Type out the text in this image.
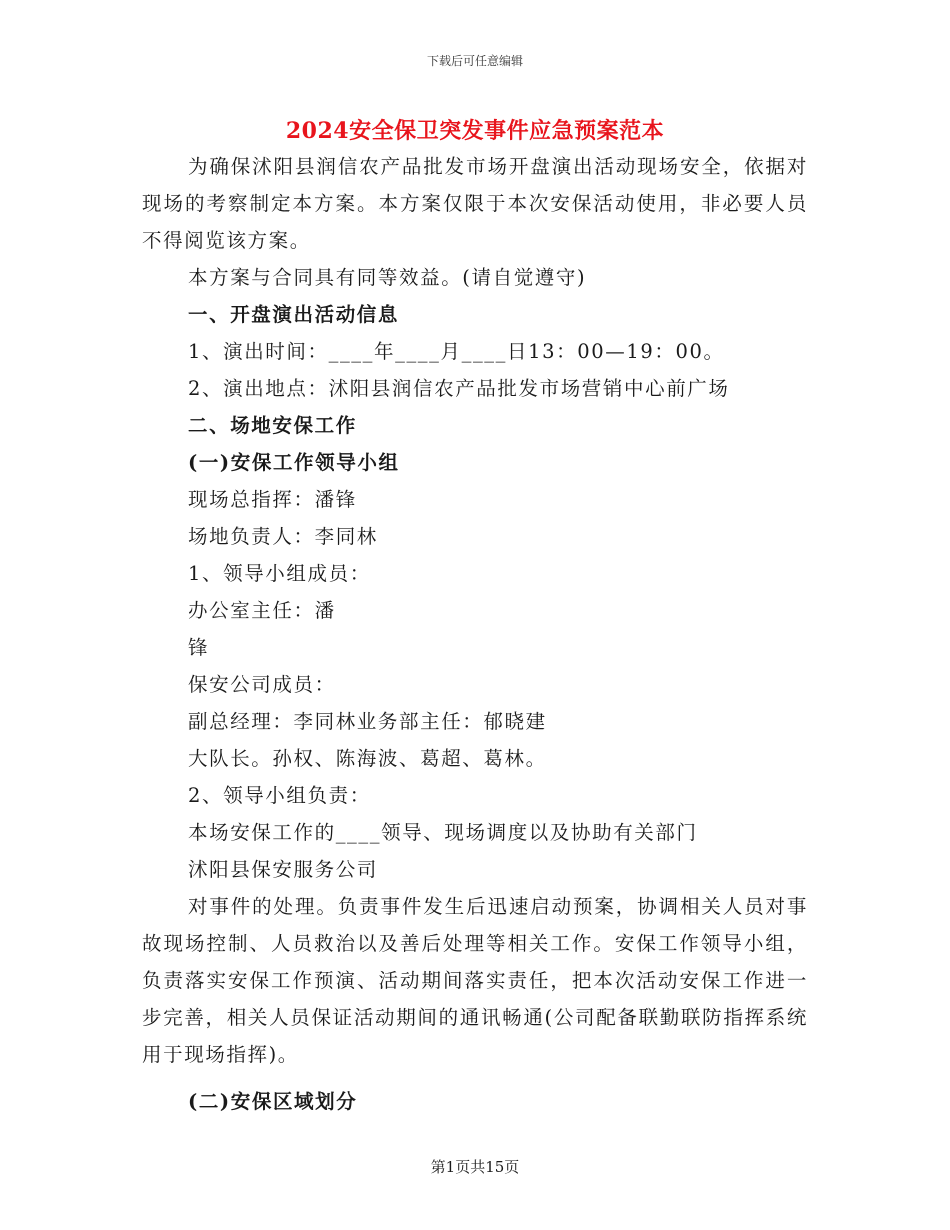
下载后可任意编辑
2024安全保卫突发事件应急预案范本

为确保沭阳县润信农产品批发市场开盘演出活动现场安全，依据对现场的考察制定本方案。本方案仅限于本次安保活动使用，非必要人员不得阅览该方案。

本方案与合同具有同等效益。(请自觉遵守)

一、开盘演出活动信息

1、演出时间：____年____月____日13：00—19：00。

2、演出地点：沭阳县润信农产品批发市场营销中心前广场

二、场地安保工作

(一)安保工作领导小组

现场总指挥：潘锋

场地负责人：李同林

1、领导小组成员：

办公室主任：潘

锋

保安公司成员：

副总经理：李同林业务部主任：郁晓建

大队长。孙权、陈海波、葛超、葛林。

2、领导小组负责：

本场安保工作的____领导、现场调度以及协助有关部门

沭阳县保安服务公司

对事件的处理。负责事件发生后迅速启动预案，协调相关人员对事故现场控制、人员救治以及善后处理等相关工作。安保工作领导小组，负责落实安保工作预演、活动期间落实责任，把本次活动安保工作进一步完善，相关人员保证活动期间的通讯畅通(公司配备联勤联防指挥系统用于现场指挥)。

(二)安保区域划分

第1页共15页
